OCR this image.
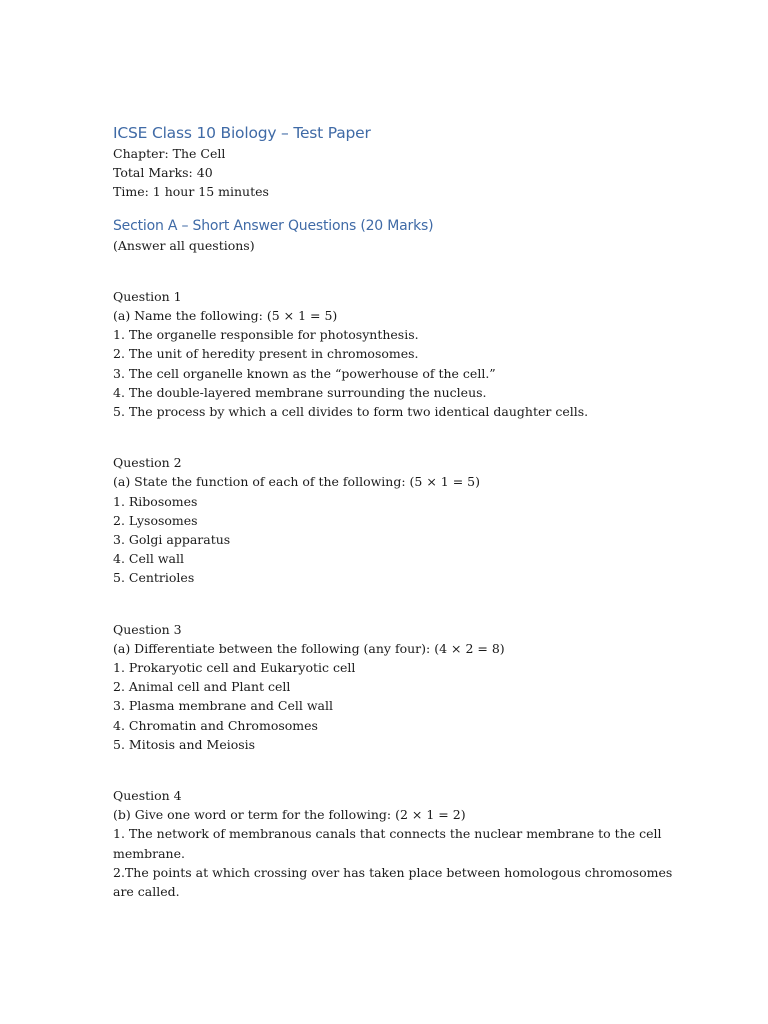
ICSE Class 10 Biology – Test Paper

Chapter: The Cell

Total Marks: 40

Time: 1 hour 15 minutes

Section A – Short Answer Questions (20 Marks)

(Answer all questions)

Question 1

(a) Name the following: (5 × 1 = 5)

1. The organelle responsible for photosynthesis.

2. The unit of heredity present in chromosomes.

3. The cell organelle known as the “powerhouse of the cell.”

4. The double-layered membrane surrounding the nucleus.

5. The process by which a cell divides to form two identical daughter cells.

Question 2

(a) State the function of each of the following: (5 × 1 = 5)

1. Ribosomes

2. Lysosomes

3. Golgi apparatus

4. Cell wall

5. Centrioles

Question 3

(a) Differentiate between the following (any four): (4 × 2 = 8)

1. Prokaryotic cell and Eukaryotic cell

2. Animal cell and Plant cell

3. Plasma membrane and Cell wall

4. Chromatin and Chromosomes

5. Mitosis and Meiosis

Question 4

(b) Give one word or term for the following: (2 × 1 = 2)

1. The network of membranous canals that connects the nuclear membrane to the cell membrane.

2.The points at which crossing over has taken place between homologous chromosomes are called.
